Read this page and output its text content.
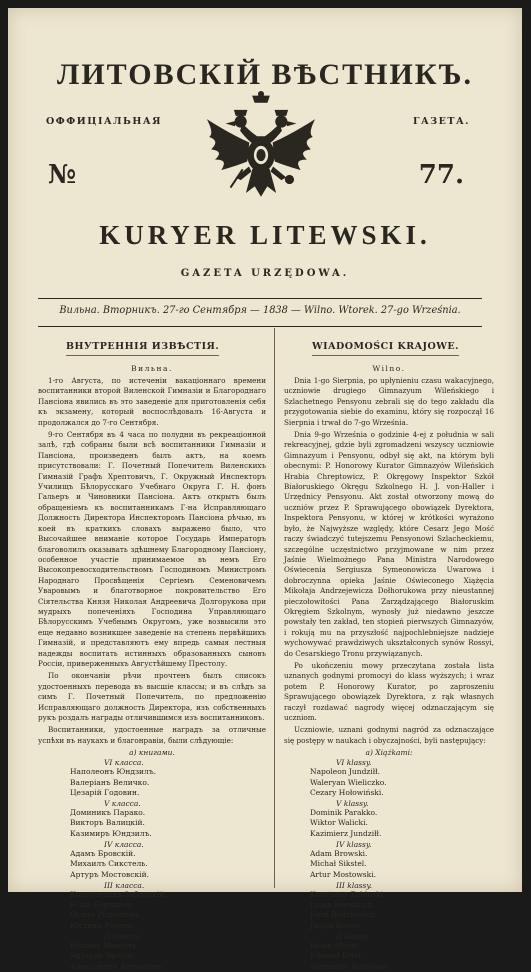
ЛИТОВСКІЙ ВѢСТНИКЪ.
ОФФИЦІАЛЬНАЯ	ГАЗЕТА.
№	77.
KURYER LITEWSKI.
GAZETA URZĘDOWA.
Вильна. Вторникъ. 27-го Сентября — 1838 — Wilno. Wtorek. 27-go Września.
ВНУТРЕННІЯ ИЗВѢСТІЯ.
Вильна.

1-го Августа, по истеченіи вакаціоннаго времени воспитанники второй Виленской Гимназіи и Благороднаго Пансіона явились въ это заведеніе для приготовленія себя къ экзамену, который воспослѣдовалъ 16-Августа и продолжался до 7-го Сентября.

9-го Сентября въ 4 часа по полудни въ рекреаціонной залѣ, гдѣ собраны были всѣ воспитанники Гимназіи и Пансіона, произведенъ былъ актъ, на коемъ присутствовали: Г. Почетный Попечитель Виленскихъ Гимназій Графъ Хрептовичъ, Г. Окружный Инспекторъ Училищъ Бѣлорусскаго Учебнаго Округа Г. Н. фонъ Гальеръ и Чиновники Пансіона. Актъ открытъ былъ обращеніемъ къ воспитанникамъ Г-на Исправляющаго Должность Директора Инспекторомъ Пансіона рѣчью, въ коей въ краткихъ словахъ выражено было, что Высочайшее вниманіе которое Государь Императоръ благоволилъ оказывать здѣшнему Благородному Пансіону, особенное участіе принимаемое въ немъ Его Высокопревосходительствомъ Господиномъ Министромъ Народнаго Просвѣщенія Сергіемъ Семеновичемъ Уваровымъ и благотворное покровительство Его Сіятельства Князя Николая Андреевича Долгорукова при мудрыхъ попеченіяхъ Господина Управляющаго Бѣлорусскимъ Учебнымъ Округомъ, уже возвысили это еще недавно возникшее заведеніе на степень первѣйшихъ Гимназій, и представляютъ ему впредь самыя лестныя надежды воспитать истинныхъ образованныхъ сыновъ Россіи, приверженныхъ Августѣйшему Престолу.

По окончаніи рѣчи прочтенъ былъ списокъ удостоенныхъ перевода въ высшіе классы; и въ слѣдъ за симъ Г. Почетный Попечитель, по предложенію Исправляющаго должность Директора, изъ собственныхъ рукъ роздалъ награды отличившимся изъ воспитанниковъ.

Воспитанники, удостоенные наградъ за отличные успѣхи въ наукахъ и благонравіи, были слѣдующіе:

а) книгами.
VI класса.
Наполеонъ Юндзилъ.
Валеріанъ Величко.
Цезарій Годовин.
V класса.
Доминикъ Парако.
Викторъ Валицкій.
Казимиръ Юндзилъ.
IV класса.
Адамъ Бровскій.
Михаилъ Сикстель.
Артуръ Мостовскій.
III класса.
Константинъ Заблоцкій.
Юлій Бородичъ.
Осипъ Родзевичъ.
Юстинъ Розенъ.
II класса.
Юліанъ Минілтъ.
Эдуардъ Эртель.
Александръ Антроповъ.
WIADOMOŚCI KRAJOWE.
Wilno.

Dnia 1-go Sierpnia, po upłynieniu czasu wakacyjnego, uczniowie drugiego Gimnazyum Wileńskiego i Szlachetnego Pensyonu zebrali się do tego zakładu dla przygotowania siebie do examinu, który się rozpoczął 16 Sierpnia i trwał do 7-go Września.

Dnia 9-go Września o godzinie 4-ej z południa w sali rekreacyjnej, gdzie byli zgromadzeni wszyscy uczniowie Gimnazyum i Pensyonu, odbył się akt, na którym byli obecnymi: P. Honorowy Kurator Gimnazyów Wileńskich Hrabia Chreptowicz, P. Okręgowy Inspektor Szkół Białoruskiego Okręgu Szkolnego H. J. von-Haller i Urzędnicy Pensyonu. Akt został otworzony mową do uczniów przez P. Sprawującego obowiązek Dyrektora, Inspektora Pensyonu, w której w krótkości wyrażono było, że Najwyższe względy, które Cesarz Jego Mość raczy świadczyć tutejszemu Pensyonowi Szlacheckiemu, szczególne uczęstnictwo przyjmowane w nim przez Jaśnie Wielmożnego Pana Ministra Narodowego Oświecenia Sergiusza Symeonowicza Uwarowa i dobroczynna opieka Jaśnie Oświeconego Xiążęcia Mikołaja Andrzejewicza Dołhorukowa przy nieustannej pieczołowitości Pana Zarządzającego Białoruskim Okręgiem Szkolnym, wynosły już niedawno jeszcze powstały ten zakład, ten stopień pierwszych Gimnazyów, i rokują mu na przyszłość najpochlebniejsze nadzieje wychowywać prawdziwych ukształconych synów Rossyi, do Cesarskiego Tronu przywiązanych.

Po ukończeniu mowy przeczytana została lista uznanych godnymi promocyi do klass wyższych; i wraz potem P. Honorowy Kurator, po zaproszeniu Sprawującego obowiązek Dyrektora, z rąk własnych raczył rozdawać nagrody więcej odznaczającym się uczniom.

Uczniowie, uznani godnymi nagród za odznaczające się postępy w naukach i obyczajności, byli następujący:

a) Xiążkami:
VI klassy.
Napoleon Jundziłł.
Waleryan Wieliczko.
Cezary Hołowiński.
V klassy.
Dominik Parakko.
Wiktor Walicki.
Kazimierz Jundziłł.
IV klassy.
Adam Browski.
Michał Sikstel.
Artur Mostowski.
III klassy.
Konstanty Zabłocki.
Julian Borodzicz.
Józef Rodziewicz.
Justyn Rosen.
II klassy.
Julian Minist.
Edward Ertel.
Alexander Antropow.
